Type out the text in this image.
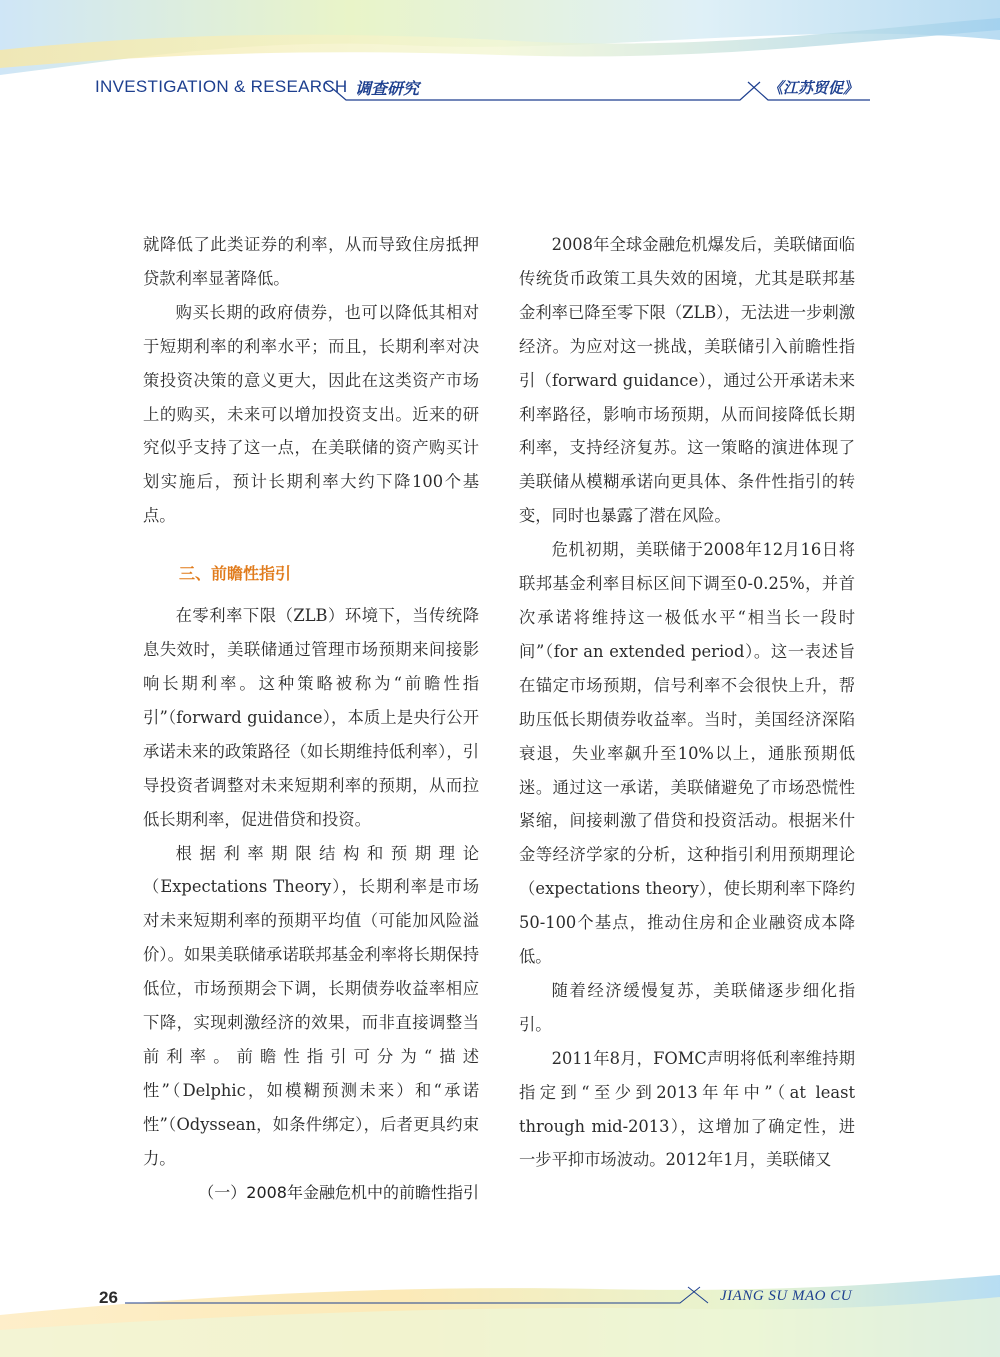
INVESTIGATION & RESEARCH 调查研究	《江苏贸促》

就降低了此类证券的利率，从而导致住房抵押贷款利率显著降低。

购买长期的政府债券，也可以降低其相对于短期利率的利率水平；而且，长期利率对决策投资决策的意义更大，因此在这类资产市场上的购买，未来可以增加投资支出。近来的研究似乎支持了这一点，在美联储的资产购买计划实施后，预计长期利率大约下降100个基点。

三、前瞻性指引

在零利率下限（ZLB）环境下，当传统降息失效时，美联储通过管理市场预期来间接影响长期利率。这种策略被称为“前瞻性指引”（forward guidance），本质上是央行公开承诺未来的政策路径（如长期维持低利率），引导投资者调整对未来短期利率的预期，从而拉低长期利率，促进借贷和投资。

根据利率期限结构和预期理论（Expectations Theory），长期利率是市场对未来短期利率的预期平均值（可能加风险溢价）。如果美联储承诺联邦基金利率将长期保持低位，市场预期会下调，长期债券收益率相应下降，实现刺激经济的效果，而非直接调整当前利率。前瞻性指引可分为“描述性”（Delphic，如模糊预测未来）和“承诺性”（Odyssean，如条件绑定），后者更具约束力。

（一）2008年金融危机中的前瞻性指引

2008年全球金融危机爆发后，美联储面临传统货币政策工具失效的困境，尤其是联邦基金利率已降至零下限（ZLB），无法进一步刺激经济。为应对这一挑战，美联储引入前瞻性指引（forward guidance），通过公开承诺未来利率路径，影响市场预期，从而间接降低长期利率，支持经济复苏。这一策略的演进体现了美联储从模糊承诺向更具体、条件性指引的转变，同时也暴露了潜在风险。

危机初期，美联储于2008年12月16日将联邦基金利率目标区间下调至0-0.25%，并首次承诺将维持这一极低水平“相当长一段时间”（for an extended period）。这一表述旨在锚定市场预期，信号利率不会很快上升，帮助压低长期债券收益率。当时，美国经济深陷衰退，失业率飙升至10%以上，通胀预期低迷。通过这一承诺，美联储避免了市场恐慌性紧缩，间接刺激了借贷和投资活动。根据米什金等经济学家的分析，这种指引利用预期理论（expectations theory），使长期利率下降约50-100个基点，推动住房和企业融资成本降低。

随着经济缓慢复苏，美联储逐步细化指引。

2011年8月，FOMC声明将低利率维持期指定到“至少到2013年年中”（at least through mid-2013），这增加了确定性，进一步平抑市场波动。2012年1月，美联储又

26	JIANG SU MAO CU
